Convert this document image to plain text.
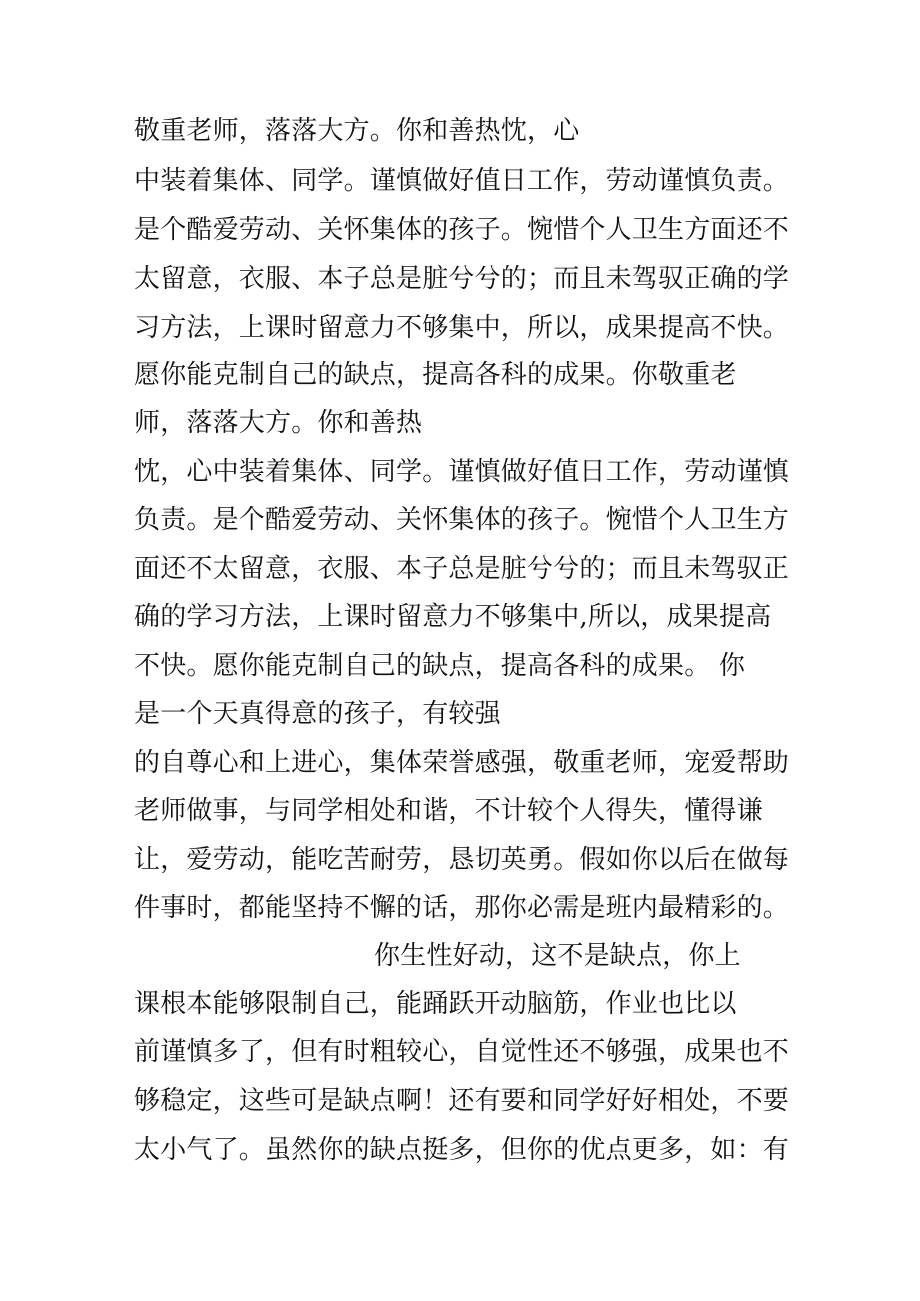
敬重老师，落落大方。你和善热忱，心
中装着集体、同学。谨慎做好值日工作，劳动谨慎负责。
是个酷爱劳动、关怀集体的孩子。惋惜个人卫生方面还不
太留意，衣服、本子总是脏兮兮的；而且未驾驭正确的学
习方法，上课时留意力不够集中，所以，成果提高不快。
愿你能克制自己的缺点，提高各科的成果。你敬重老
师，落落大方。你和善热
忱，心中装着集体、同学。谨慎做好值日工作，劳动谨慎
负责。是个酷爱劳动、关怀集体的孩子。惋惜个人卫生方
面还不太留意，衣服、本子总是脏兮兮的；而且未驾驭正
确的学习方法，上课时留意力不够集中,所以，成果提高
不快。愿你能克制自己的缺点，提高各科的成果。 你
是一个天真得意的孩子，有较强
的自尊心和上进心，集体荣誉感强，敬重老师，宠爱帮助
老师做事，与同学相处和谐，不计较个人得失，懂得谦
让，爱劳动，能吃苦耐劳，恳切英勇。假如你以后在做每
件事时，都能坚持不懈的话，那你必需是班内最精彩的。
你生性好动，这不是缺点，你上
课根本能够限制自己，能踊跃开动脑筋，作业也比以
前谨慎多了，但有时粗较心，自觉性还不够强，成果也不
够稳定，这些可是缺点啊！还有要和同学好好相处，不要
太小气了。虽然你的缺点挺多，但你的优点更多，如：有
